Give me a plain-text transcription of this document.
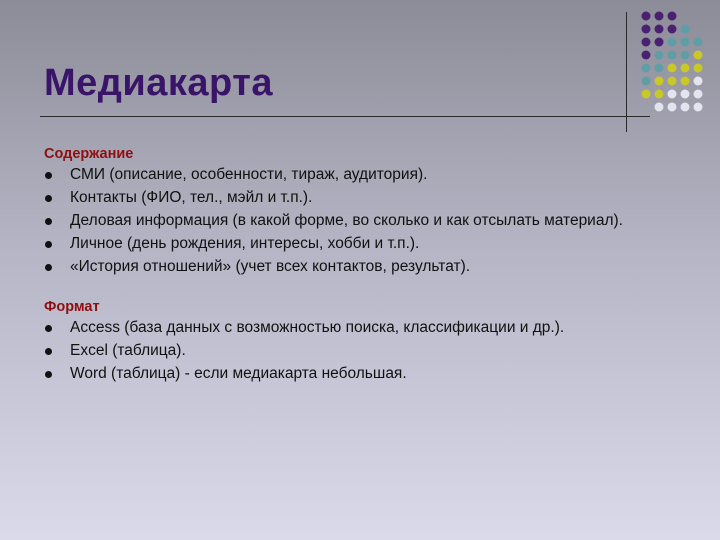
Медиакарта
Содержание
СМИ (описание, особенности, тираж, аудитория).
Контакты (ФИО, тел., мэйл и т.п.).
Деловая информация (в какой форме, во сколько и как отсылать материал).
Личное (день рождения, интересы, хобби и т.п.).
«История отношений» (учет всех контактов, результат).
Формат
Access (база данных с возможностью поиска, классификации и др.).
Excel (таблица).
Word (таблица) - если медиакарта небольшая.
